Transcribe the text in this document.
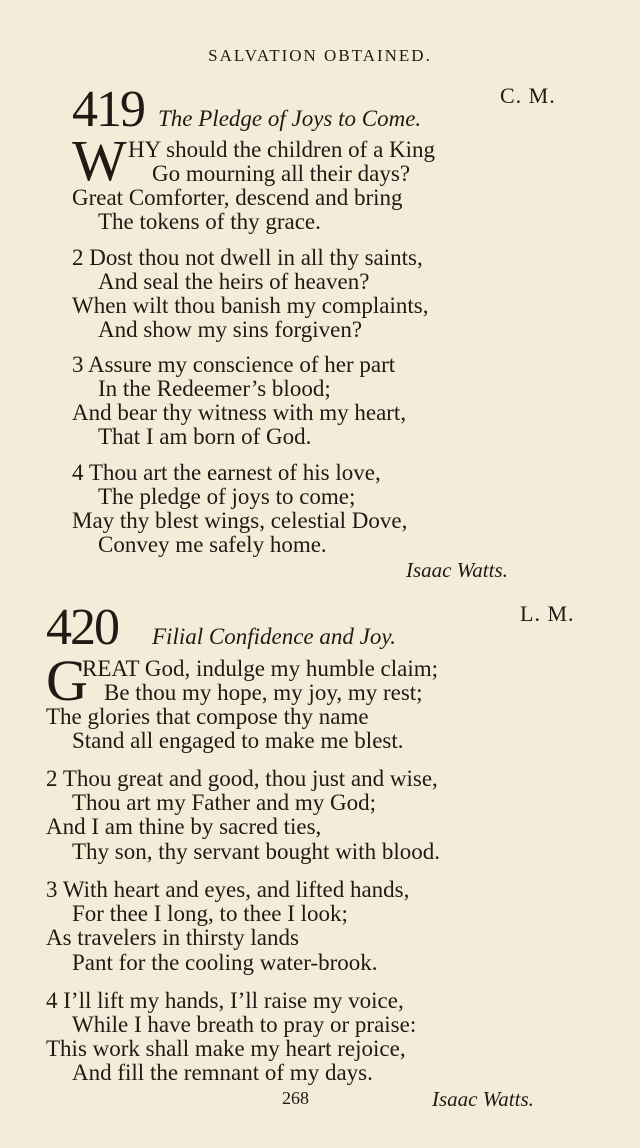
SALVATION OBTAINED.
419 The Pledge of Joys to Come.
C. M.
W HY should the children of a King
Go mourning all their days?
Great Comforter, descend and bring
The tokens of thy grace.
2 Dost thou not dwell in all thy saints,
And seal the heirs of heaven?
When wilt thou banish my complaints,
And show my sins forgiven?
3 Assure my conscience of her part
In the Redeemer’s blood;
And bear thy witness with my heart,
That I am born of God.
4 Thou art the earnest of his love,
The pledge of joys to come;
May thy blest wings, celestial Dove,
Convey me safely home.
Isaac Watts.
420 Filial Confidence and Joy.
L. M.
G
REAT God, indulge my humble claim;
Be thou my hope, my joy, my rest;
The glories that compose thy name
Stand all engaged to make me blest.
2 Thou great and good, thou just and wise,
Thou art my Father and my God;
And I am thine by sacred ties,
Thy son, thy servant bought with blood.
3 With heart and eyes, and lifted hands,
For thee I long, to thee I look;
As travelers in thirsty lands
Pant for the cooling water-brook.
4 I’ll lift my hands, I’ll raise my voice,
While I have breath to pray or praise:
This work shall make my heart rejoice,
And fill the remnant of my days.
Isaac Watts.
268
